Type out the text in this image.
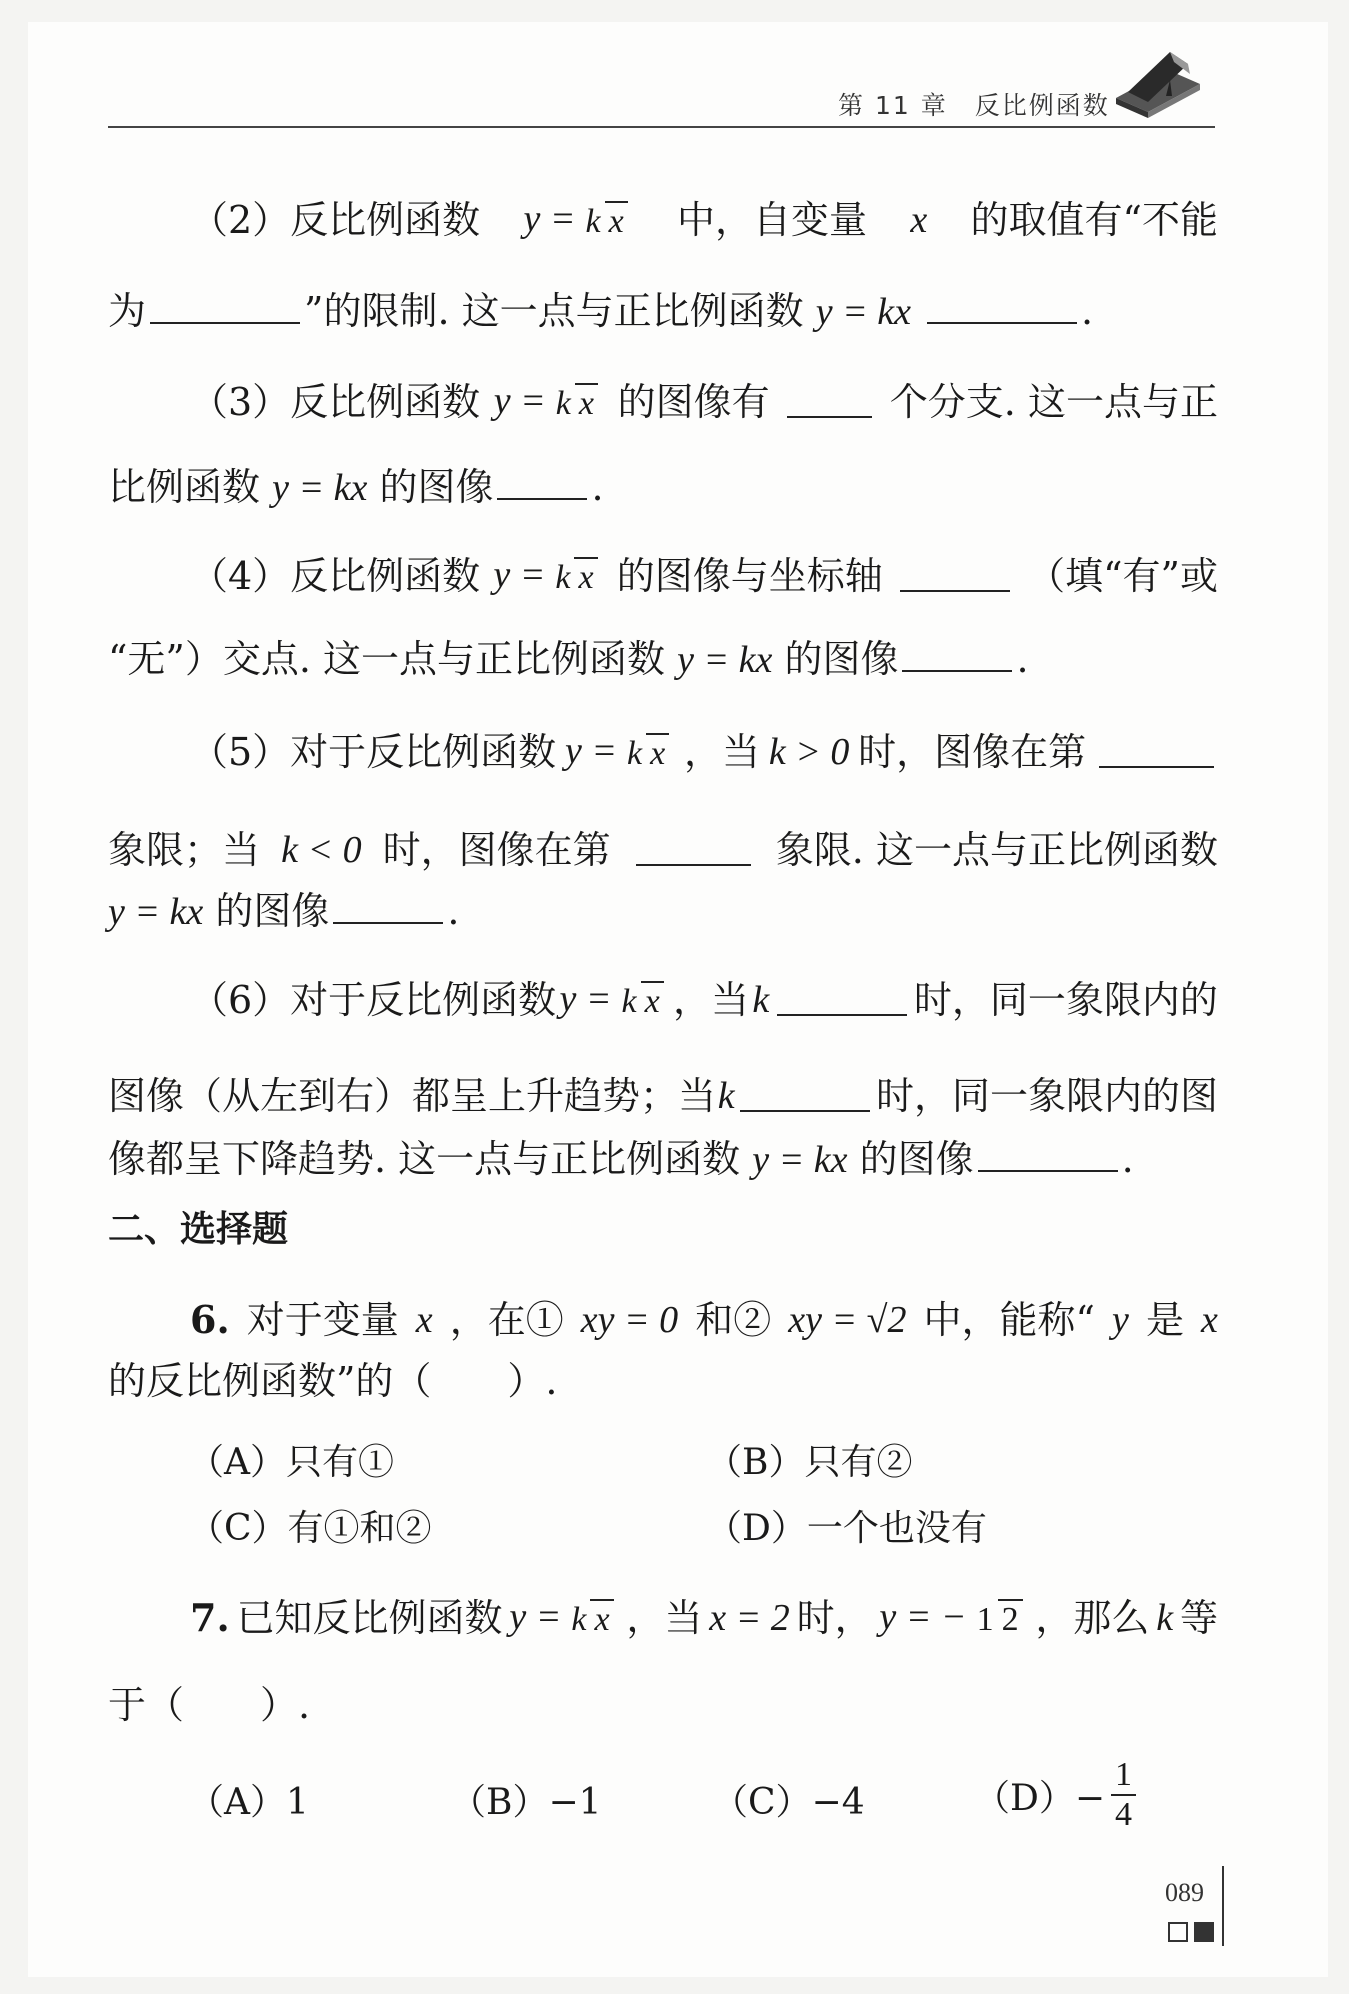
第 11 章　反比例函数
（2）反比例函数 y = k x 中，自变量 x 的取值有“不能
为	”的限制. 这一点与正比例函数 y = kx	.
（3）反比例函数 y = k x 的图像有	个分支. 这一点与正
比例函数 y = kx 的图像	.
（4）反比例函数 y = k x 的图像与坐标轴	（填“有”或
“无”）交点. 这一点与正比例函数 y = kx 的图像	.
（5）对于反比例函数 y = k x ，当 k > 0 时，图像在第
象限；当 k < 0 时，图像在第	象限. 这一点与正比例函数
y = kx 的图像	.
（6）对于反比例函数 y = k x ，当 k	时，同一象限内的
图像（从左到右）都呈上升趋势；当 k	时，同一象限内的图
像都呈下降趋势. 这一点与正比例函数 y = kx 的图像	.
二、选择题
6. 对于变量 x ，在① xy = 0 和② xy = √2 中，能称“ y 是 x
的反比例函数”的（　　）.
（A）只有①	（B）只有②
（C）有①和②	（D）一个也没有
7. 已知反比例函数 y = k x ，当 x = 2 时， y = − 1 2 ，那么 k 等
于（　　）.
（A）1	（B）−1	（C）−4	$(D)- \frac{1}{4}$
089
